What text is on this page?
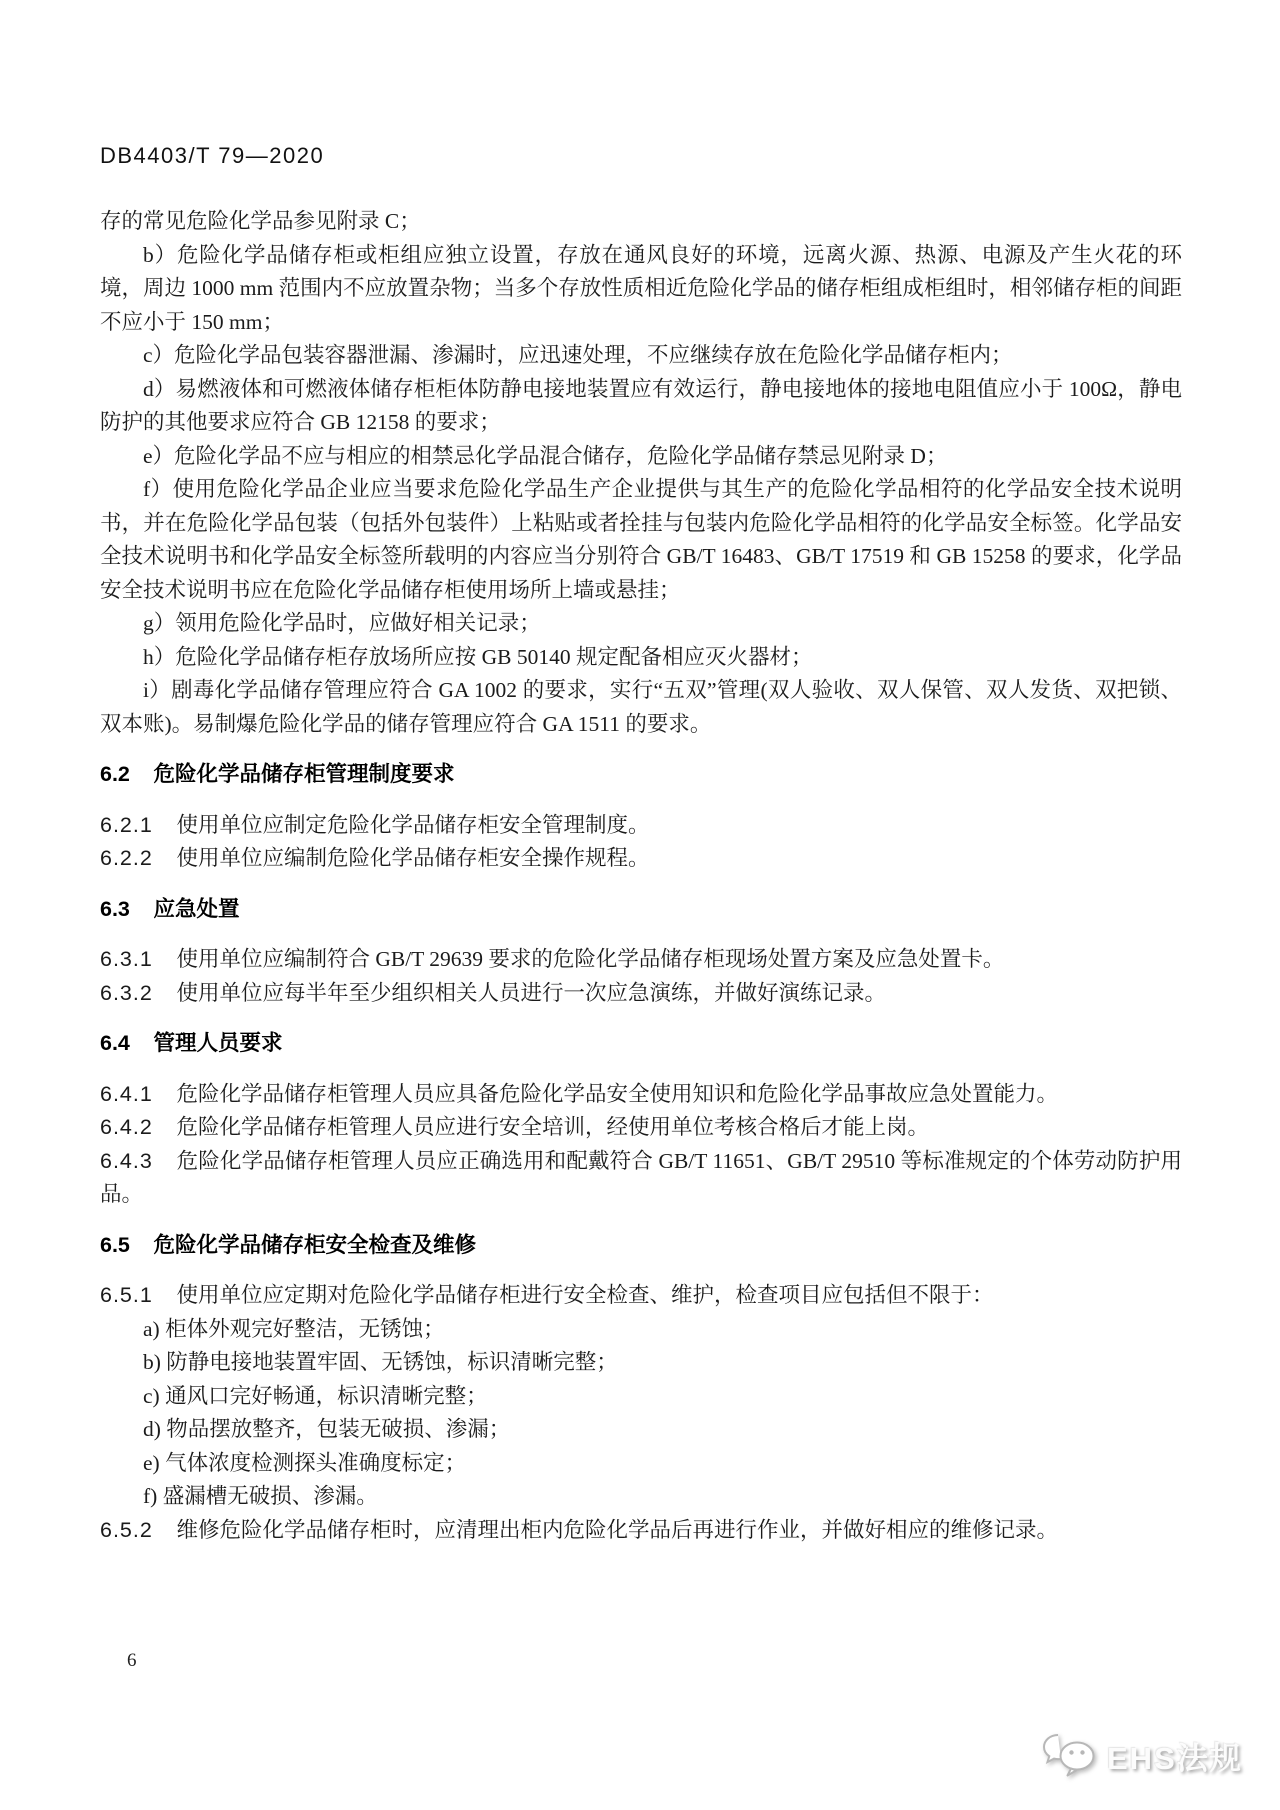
DB4403/T 79—2020

存的常见危险化学品参见附录 C；

b）危险化学品储存柜或柜组应独立设置，存放在通风良好的环境，远离火源、热源、电源及产生火花的环境，周边 1000 mm 范围内不应放置杂物；当多个存放性质相近危险化学品的储存柜组成柜组时，相邻储存柜的间距不应小于 150 mm；

c）危险化学品包装容器泄漏、渗漏时，应迅速处理，不应继续存放在危险化学品储存柜内；

d）易燃液体和可燃液体储存柜柜体防静电接地装置应有效运行，静电接地体的接地电阻值应小于 100Ω，静电防护的其他要求应符合 GB 12158 的要求；

e）危险化学品不应与相应的相禁忌化学品混合储存，危险化学品储存禁忌见附录 D；

f）使用危险化学品企业应当要求危险化学品生产企业提供与其生产的危险化学品相符的化学品安全技术说明书，并在危险化学品包装（包括外包装件）上粘贴或者拴挂与包装内危险化学品相符的化学品安全标签。化学品安全技术说明书和化学品安全标签所载明的内容应当分别符合 GB/T 16483、GB/T 17519 和 GB 15258 的要求，化学品安全技术说明书应在危险化学品储存柜使用场所上墙或悬挂；

g）领用危险化学品时，应做好相关记录；

h）危险化学品储存柜存放场所应按 GB 50140 规定配备相应灭火器材；

i）剧毒化学品储存管理应符合 GA 1002 的要求，实行“五双”管理(双人验收、双人保管、双人发货、双把锁、双本账)。易制爆危险化学品的储存管理应符合 GA 1511 的要求。

6.2 危险化学品储存柜管理制度要求

6.2.1 使用单位应制定危险化学品储存柜安全管理制度。

6.2.2 使用单位应编制危险化学品储存柜安全操作规程。

6.3 应急处置

6.3.1 使用单位应编制符合 GB/T 29639 要求的危险化学品储存柜现场处置方案及应急处置卡。

6.3.2 使用单位应每半年至少组织相关人员进行一次应急演练，并做好演练记录。

6.4 管理人员要求

6.4.1 危险化学品储存柜管理人员应具备危险化学品安全使用知识和危险化学品事故应急处置能力。

6.4.2 危险化学品储存柜管理人员应进行安全培训，经使用单位考核合格后才能上岗。

6.4.3 危险化学品储存柜管理人员应正确选用和配戴符合 GB/T 11651、GB/T 29510 等标准规定的个体劳动防护用品。

6.5 危险化学品储存柜安全检查及维修

6.5.1 使用单位应定期对危险化学品储存柜进行安全检查、维护，检查项目应包括但不限于：

a) 柜体外观完好整洁，无锈蚀；

b) 防静电接地装置牢固、无锈蚀，标识清晰完整；

c) 通风口完好畅通，标识清晰完整；

d) 物品摆放整齐，包装无破损、渗漏；

e) 气体浓度检测探头准确度标定；

f) 盛漏槽无破损、渗漏。

6.5.2 维修危险化学品储存柜时，应清理出柜内危险化学品后再进行作业，并做好相应的维修记录。

6
EHS法规
